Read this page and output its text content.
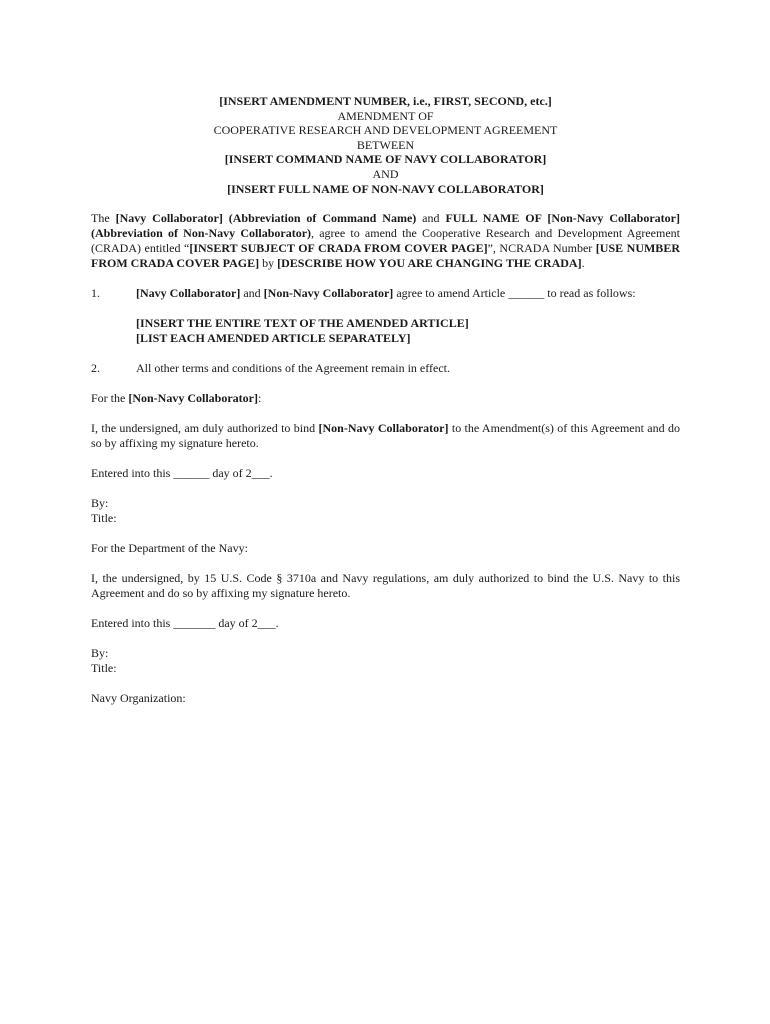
[INSERT AMENDMENT NUMBER, i.e., FIRST, SECOND, etc.]
AMENDMENT OF
COOPERATIVE RESEARCH AND DEVELOPMENT AGREEMENT
BETWEEN
[INSERT COMMAND NAME OF NAVY COLLABORATOR]
AND
[INSERT FULL NAME OF NON-NAVY COLLABORATOR]

The [Navy Collaborator] (Abbreviation of Command Name) and FULL NAME OF [Non-Navy Collaborator] (Abbreviation of Non-Navy Collaborator), agree to amend the Cooperative Research and Development Agreement (CRADA) entitled “[INSERT SUBJECT OF CRADA FROM COVER PAGE]”, NCRADA Number [USE NUMBER FROM CRADA COVER PAGE] by [DESCRIBE HOW YOU ARE CHANGING THE CRADA].

1.	[Navy Collaborator] and [Non-Navy Collaborator] agree to amend Article ______ to read as follows:
[INSERT THE ENTIRE TEXT OF THE AMENDED ARTICLE]
[LIST EACH AMENDED ARTICLE SEPARATELY]
2.	All other terms and conditions of the Agreement remain in effect.

For the [Non-Navy Collaborator]:

I, the undersigned, am duly authorized to bind [Non-Navy Collaborator] to the Amendment(s) of this Agreement and do so by affixing my signature hereto.

Entered into this ______ day of 2___.

By:

Title:

For the Department of the Navy:

I, the undersigned, by 15 U.S. Code § 3710a and Navy regulations, am duly authorized to bind the U.S. Navy to this Agreement and do so by affixing my signature hereto.

Entered into this _______ day of 2___.

By:

Title:

Navy Organization:
